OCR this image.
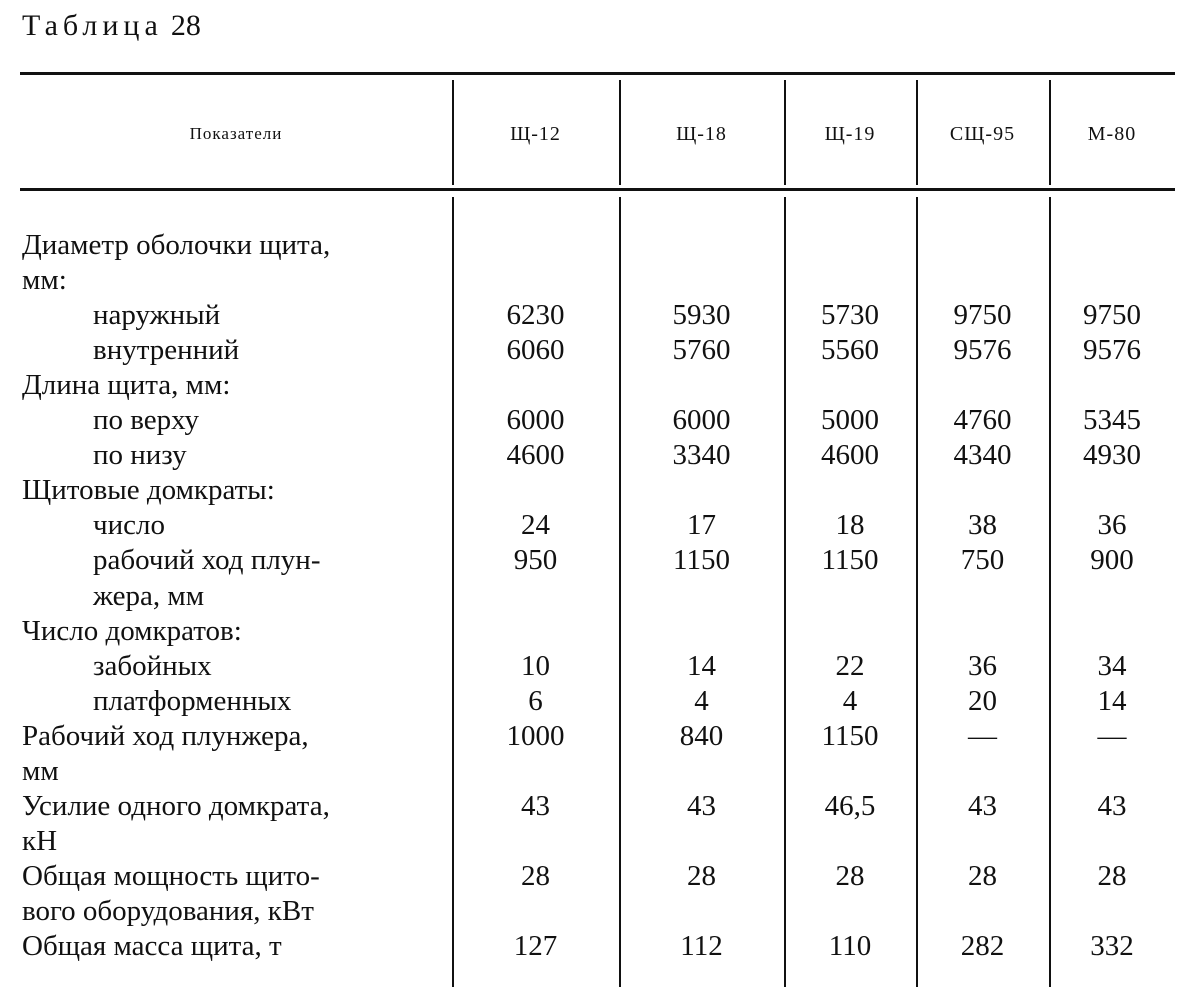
Таблица 28
Показатели	Щ-12	Щ-18	Щ-19	СЩ-95	М-80
Диаметр оболочки щита,
мм:
наружный	6230	5930	5730	9750	9750
внутренний	6060	5760	5560	9576	9576
Длина щита, мм:
по верху	6000	6000	5000	4760	5345
по низу	4600	3340	4600	4340	4930
Щитовые домкраты:
число	24	17	18	38	36
рабочий ход плун-	950	1150	1150	750	900
жера, мм
Число домкратов:
забойных	10	14	22	36	34
платформенных	6	4	4	20	14
Рабочий ход плунжера,	1000	840	1150	—	—
мм
Усилие одного домкрата,	43	43	46,5	43	43
кН
Общая мощность щито-	28	28	28	28	28
вого оборудования, кВт
Общая масса щита, т	127	112	110	282	332
